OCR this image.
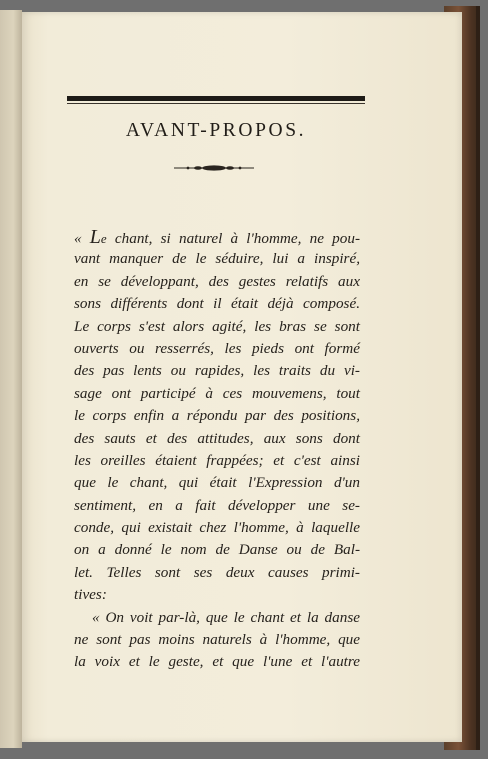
AVANT-PROPOS.
« Le chant, si naturel à l'homme, ne pou-
vant manquer de le séduire, lui a inspiré,
en se développant, des gestes relatifs aux
sons différents dont il était déjà composé.
Le corps s'est alors agité, les bras se sont
ouverts ou resserrés, les pieds ont formé
des pas lents ou rapides, les traits du vi-
sage ont participé à ces mouvemens, tout
le corps enfin a répondu par des positions,
des sauts et des attitudes, aux sons dont
les oreilles étaient frappées; et c'est ainsi
que le chant, qui était l'Expression d'un
sentiment, en a fait développer une se-
conde, qui existait chez l'homme, à laquelle
on a donné le nom de Danse ou de Bal-
let. Telles sont ses deux causes primi-
tives:
« On voit par-là, que le chant et la danse
ne sont pas moins naturels à l'homme, que
la voix et le geste, et que l'une et l'autre
